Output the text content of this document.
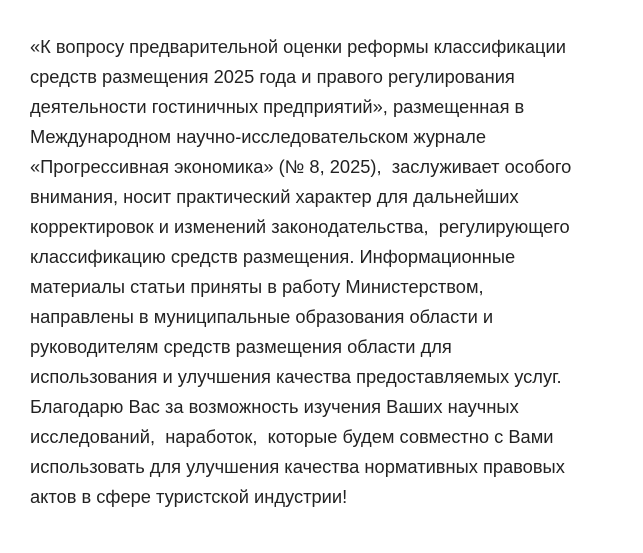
«К вопросу предварительной оценки реформы классификации
средств размещения 2025 года и правого регулирования
деятельности гостиничных предприятий», размещенная в
Международном научно-исследовательском журнале
«Прогрессивная экономика» (№ 8, 2025),  заслуживает особого
внимания, носит практический характер для дальнейших
корректировок и изменений законодательства,  регулирующего
классификацию средств размещения. Информационные
материалы статьи приняты в работу Министерством,
направлены в муниципальные образования области и
руководителям средств размещения области для
использования и улучшения качества предоставляемых услуг.
Благодарю Вас за возможность изучения Ваших научных
исследований,  наработок,  которые будем совместно с Вами
использовать для улучшения качества нормативных правовых
актов в сфере туристской индустрии!
